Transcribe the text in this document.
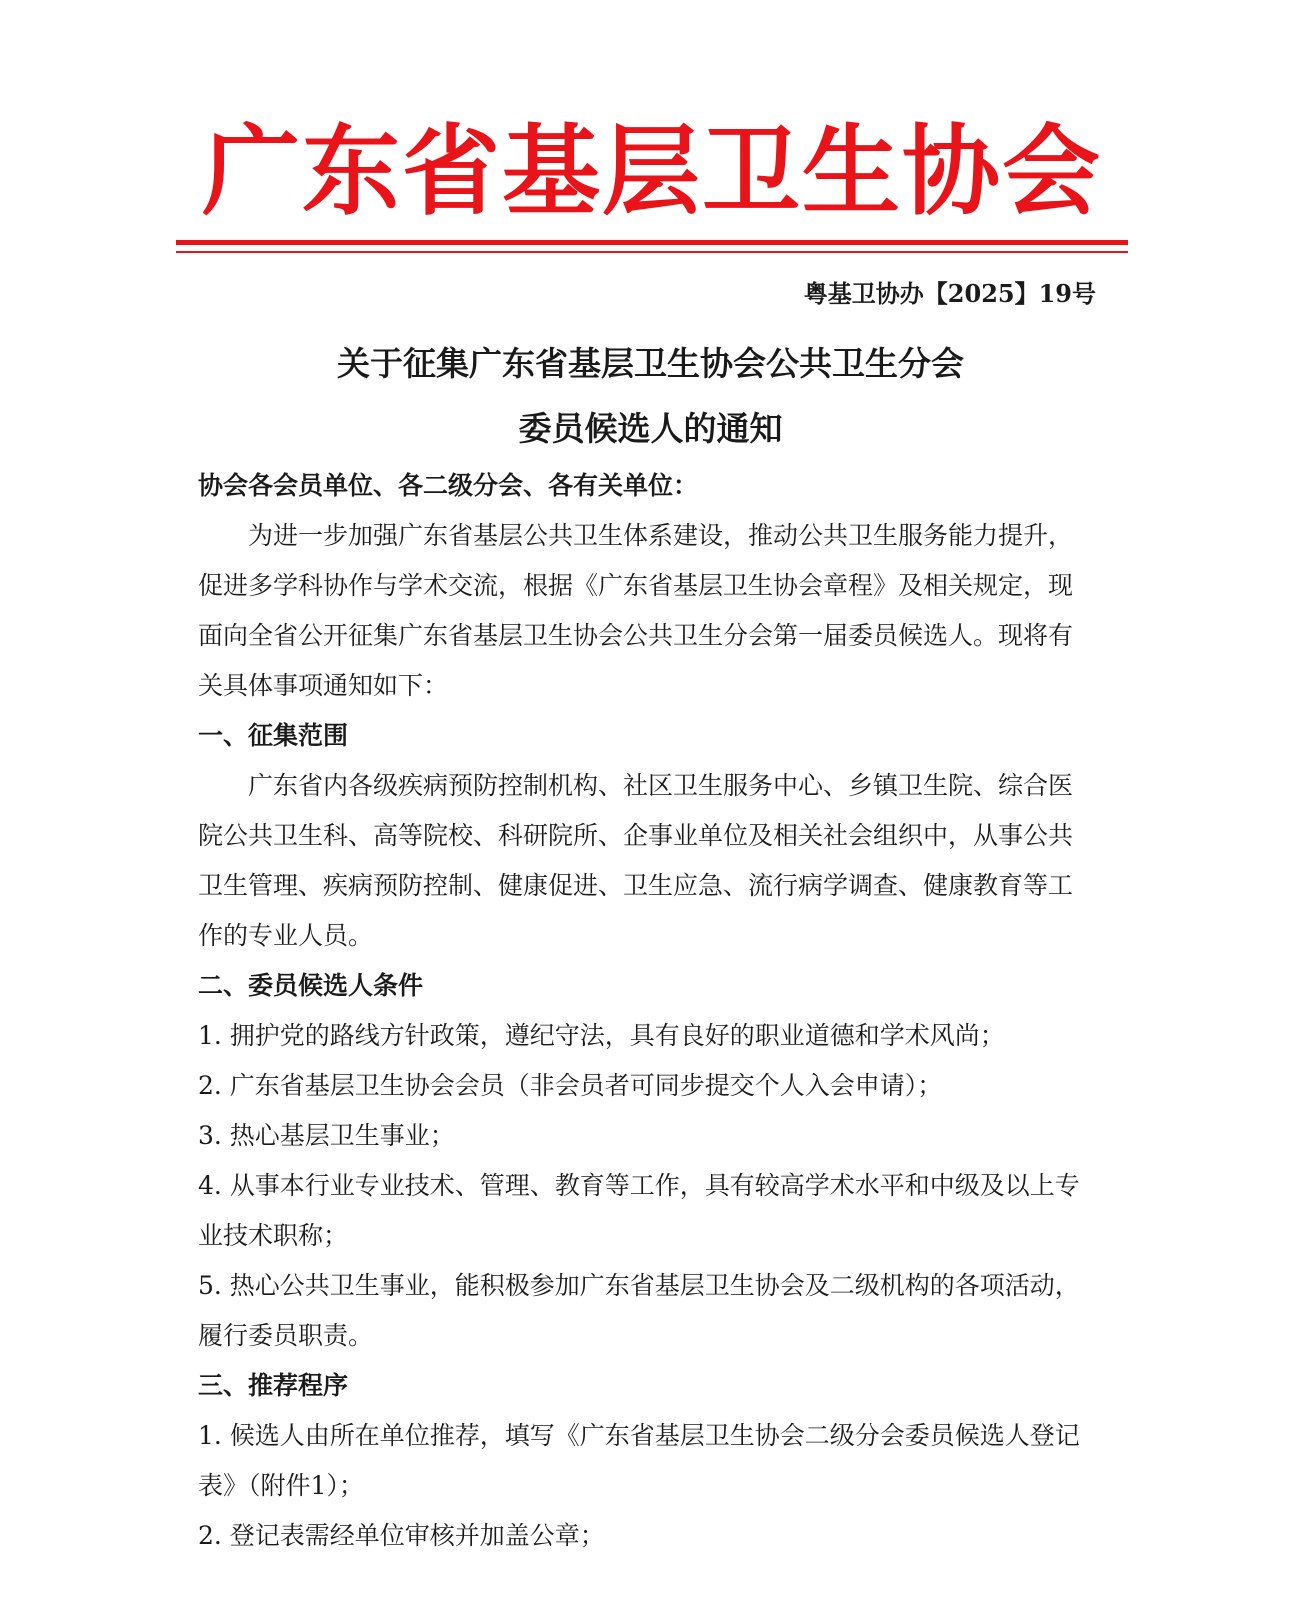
广东省基层卫生协会
粤基卫协办【2025】19号
关于征集广东省基层卫生协会公共卫生分会
委员候选人的通知

协会各会员单位、各二级分会、各有关单位：

为进一步加强广东省基层公共卫生体系建设，推动公共卫生服务能力提升，促进多学科协作与学术交流，根据《广东省基层卫生协会章程》及相关规定，现面向全省公开征集广东省基层卫生协会公共卫生分会第一届委员候选人。现将有关具体事项通知如下：

一、征集范围

广东省内各级疾病预防控制机构、社区卫生服务中心、乡镇卫生院、综合医院公共卫生科、高等院校、科研院所、企事业单位及相关社会组织中，从事公共卫生管理、疾病预防控制、健康促进、卫生应急、流行病学调查、健康教育等工作的专业人员。

二、委员候选人条件

1. 拥护党的路线方针政策，遵纪守法，具有良好的职业道德和学术风尚；

2. 广东省基层卫生协会会员（非会员者可同步提交个人入会申请）；

3. 热心基层卫生事业；

4. 从事本行业专业技术、管理、教育等工作，具有较高学术水平和中级及以上专业技术职称；

5. 热心公共卫生事业，能积极参加广东省基层卫生协会及二级机构的各项活动，履行委员职责。

三、推荐程序

1. 候选人由所在单位推荐，填写《广东省基层卫生协会二级分会委员候选人登记表》（附件1）；

2. 登记表需经单位审核并加盖公章；
